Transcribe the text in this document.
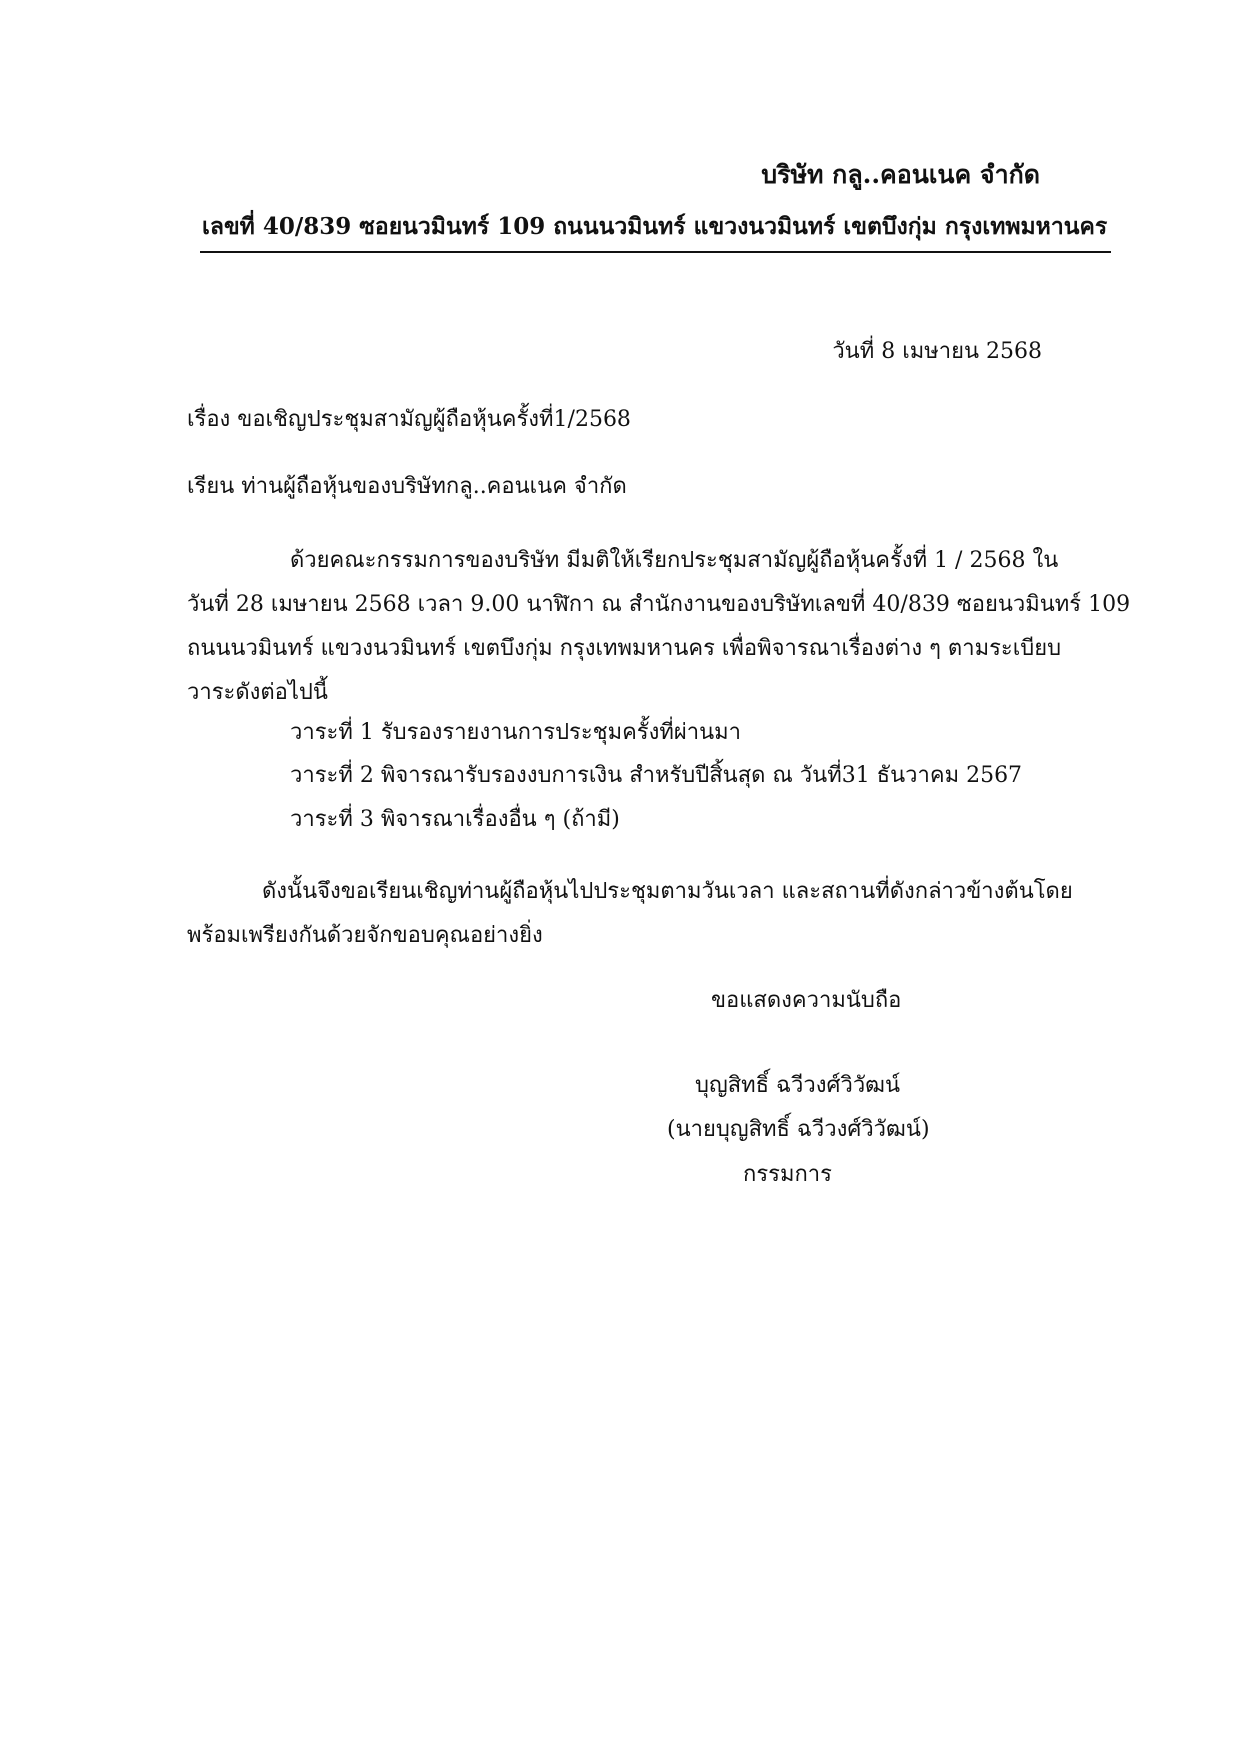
บริษัท กลู..คอนเนค จำกัด
เลขที่ 40/839 ซอยนวมินทร์ 109 ถนนนวมินทร์ แขวงนวมินทร์ เขตบึงกุ่ม กรุงเทพมหานคร
วันที่ 8 เมษายน 2568
เรื่อง ขอเชิญประชุมสามัญผู้ถือหุ้นครั้งที่1/2568
เรียน ท่านผู้ถือหุ้นของบริษัทกลู..คอนเนค จำกัด
ด้วยคณะกรรมการของบริษัท มีมติให้เรียกประชุมสามัญผู้ถือหุ้นครั้งที่ 1 / 2568 ใน
วันที่ 28 เมษายน 2568 เวลา 9.00 นาฬิกา ณ สำนักงานของบริษัทเลขที่ 40/839 ซอยนวมินทร์ 109
ถนนนวมินทร์ แขวงนวมินทร์ เขตบึงกุ่ม กรุงเทพมหานคร เพื่อพิจารณาเรื่องต่าง ๆ ตามระเบียบ
วาระดังต่อไปนี้
วาระที่ 1 รับรองรายงานการประชุมครั้งที่ผ่านมา
วาระที่ 2 พิจารณารับรองงบการเงิน สำหรับปีสิ้นสุด ณ วันที่31 ธันวาคม 2567
วาระที่ 3 พิจารณาเรื่องอื่น ๆ (ถ้ามี)
ดังนั้นจึงขอเรียนเชิญท่านผู้ถือหุ้นไปประชุมตามวันเวลา และสถานที่ดังกล่าวข้างต้นโดย
พร้อมเพรียงกันด้วยจักขอบคุณอย่างยิ่ง
ขอแสดงความนับถือ
บุญสิทธิ์ ฉวีวงศ์วิวัฒน์
(นายบุญสิทธิ์ ฉวีวงศ์วิวัฒน์)
กรรมการ
